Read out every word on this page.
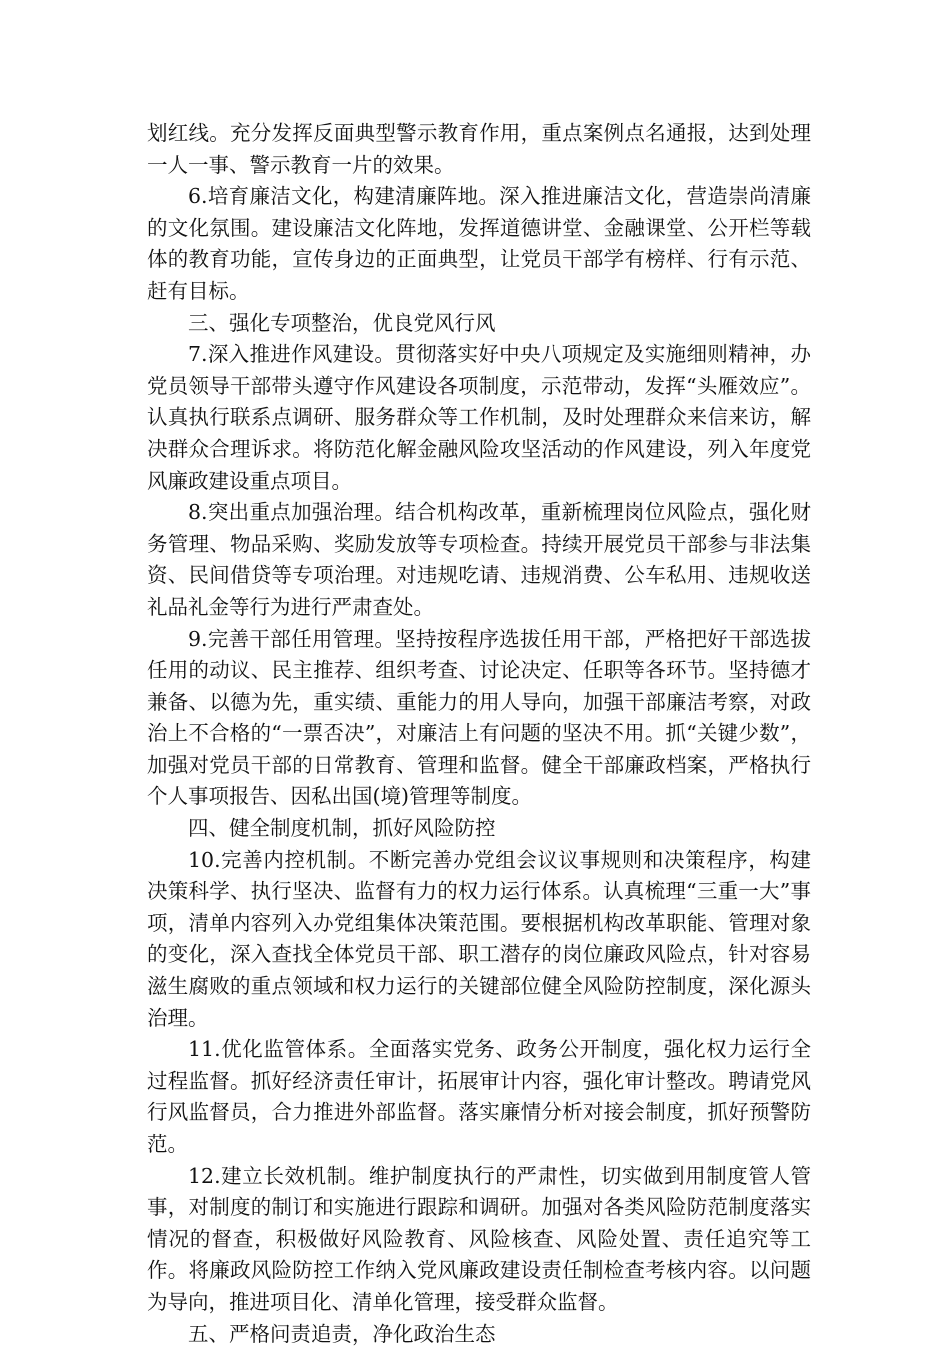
划红线。充分发挥反面典型警示教育作用，重点案例点名通报，达到处理一人一事、警示教育一片的效果。

6.培育廉洁文化，构建清廉阵地。深入推进廉洁文化，营造崇尚清廉的文化氛围。建设廉洁文化阵地，发挥道德讲堂、金融课堂、公开栏等载体的教育功能，宣传身边的正面典型，让党员干部学有榜样、行有示范、赶有目标。

三、强化专项整治，优良党风行风

7.深入推进作风建设。贯彻落实好中央八项规定及实施细则精神，办党员领导干部带头遵守作风建设各项制度，示范带动，发挥“头雁效应”。认真执行联系点调研、服务群众等工作机制，及时处理群众来信来访，解决群众合理诉求。将防范化解金融风险攻坚活动的作风建设，列入年度党风廉政建设重点项目。

8.突出重点加强治理。结合机构改革，重新梳理岗位风险点，强化财务管理、物品采购、奖励发放等专项检查。持续开展党员干部参与非法集资、民间借贷等专项治理。对违规吃请、违规消费、公车私用、违规收送礼品礼金等行为进行严肃查处。

9.完善干部任用管理。坚持按程序选拔任用干部，严格把好干部选拔任用的动议、民主推荐、组织考查、讨论决定、任职等各环节。坚持德才兼备、以德为先，重实绩、重能力的用人导向，加强干部廉洁考察，对政治上不合格的“一票否决”，对廉洁上有问题的坚决不用。抓“关键少数”，加强对党员干部的日常教育、管理和监督。健全干部廉政档案，严格执行个人事项报告、因私出国(境)管理等制度。

四、健全制度机制，抓好风险防控

10.完善内控机制。不断完善办党组会议议事规则和决策程序，构建决策科学、执行坚决、监督有力的权力运行体系。认真梳理“三重一大”事项，清单内容列入办党组集体决策范围。要根据机构改革职能、管理对象的变化，深入查找全体党员干部、职工潜存的岗位廉政风险点，针对容易滋生腐败的重点领域和权力运行的关键部位健全风险防控制度，深化源头治理。

11.优化监管体系。全面落实党务、政务公开制度，强化权力运行全过程监督。抓好经济责任审计，拓展审计内容，强化审计整改。聘请党风行风监督员，合力推进外部监督。落实廉情分析对接会制度，抓好预警防范。

12.建立长效机制。维护制度执行的严肃性，切实做到用制度管人管事，对制度的制订和实施进行跟踪和调研。加强对各类风险防范制度落实情况的督查，积极做好风险教育、风险核查、风险处置、责任追究等工作。将廉政风险防控工作纳入党风廉政建设责任制检查考核内容。以问题为导向，推进项目化、清单化管理，接受群众监督。

五、严格问责追责，净化政治生态
